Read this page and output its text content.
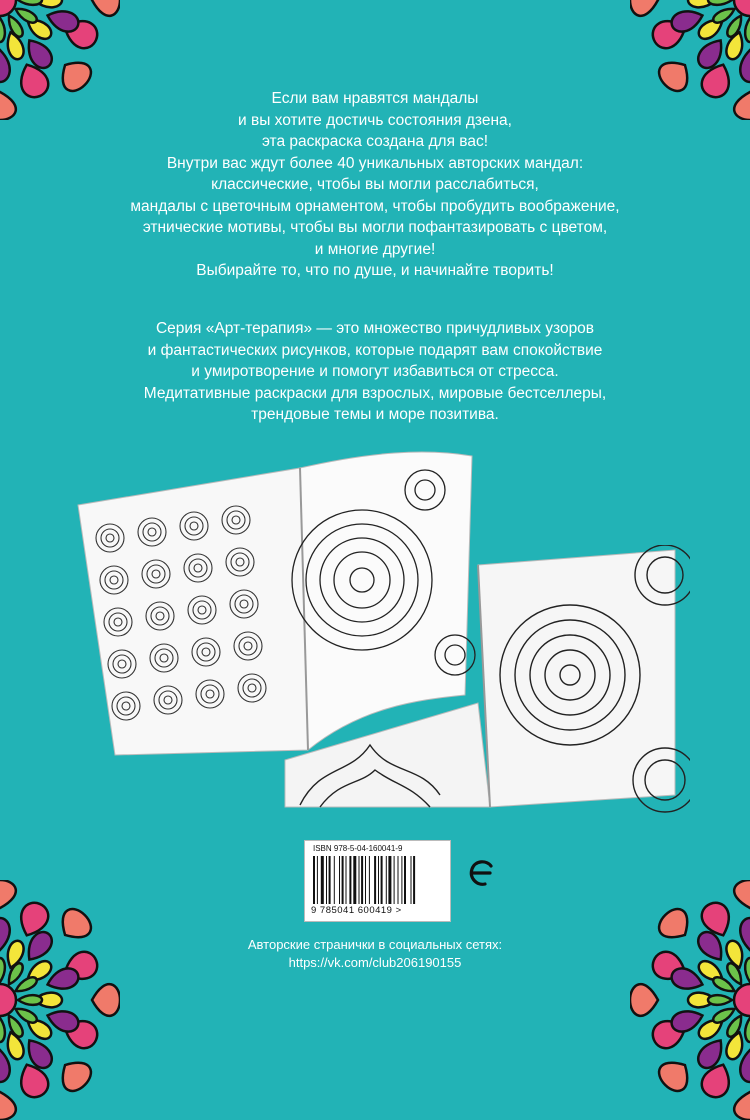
Если вам нравятся мандалы

и вы хотите достичь состояния дзена,

эта раскраска создана для вас!

Внутри вас ждут более 40 уникальных авторских мандал:

классические, чтобы вы могли расслабиться,

мандалы с цветочным орнаментом, чтобы пробудить воображение,

этнические мотивы, чтобы вы могли пофантазировать с цветом,

и многие другие!

Выбирайте то, что по душе, и начинайте творить!

Серия «Арт-терапия» — это множество причудливых узоров

и фантастических рисунков, которые подарят вам спокойствие

и умиротворение и помогут избавиться от стресса.

Медитативные раскраски для взрослых, мировые бестселлеры,

трендовые темы и море позитива.

ISBN 978-5-04-160041-9
9 785041 600419 >
Авторские странички в социальных сетях:
https://vk.com/club206190155
